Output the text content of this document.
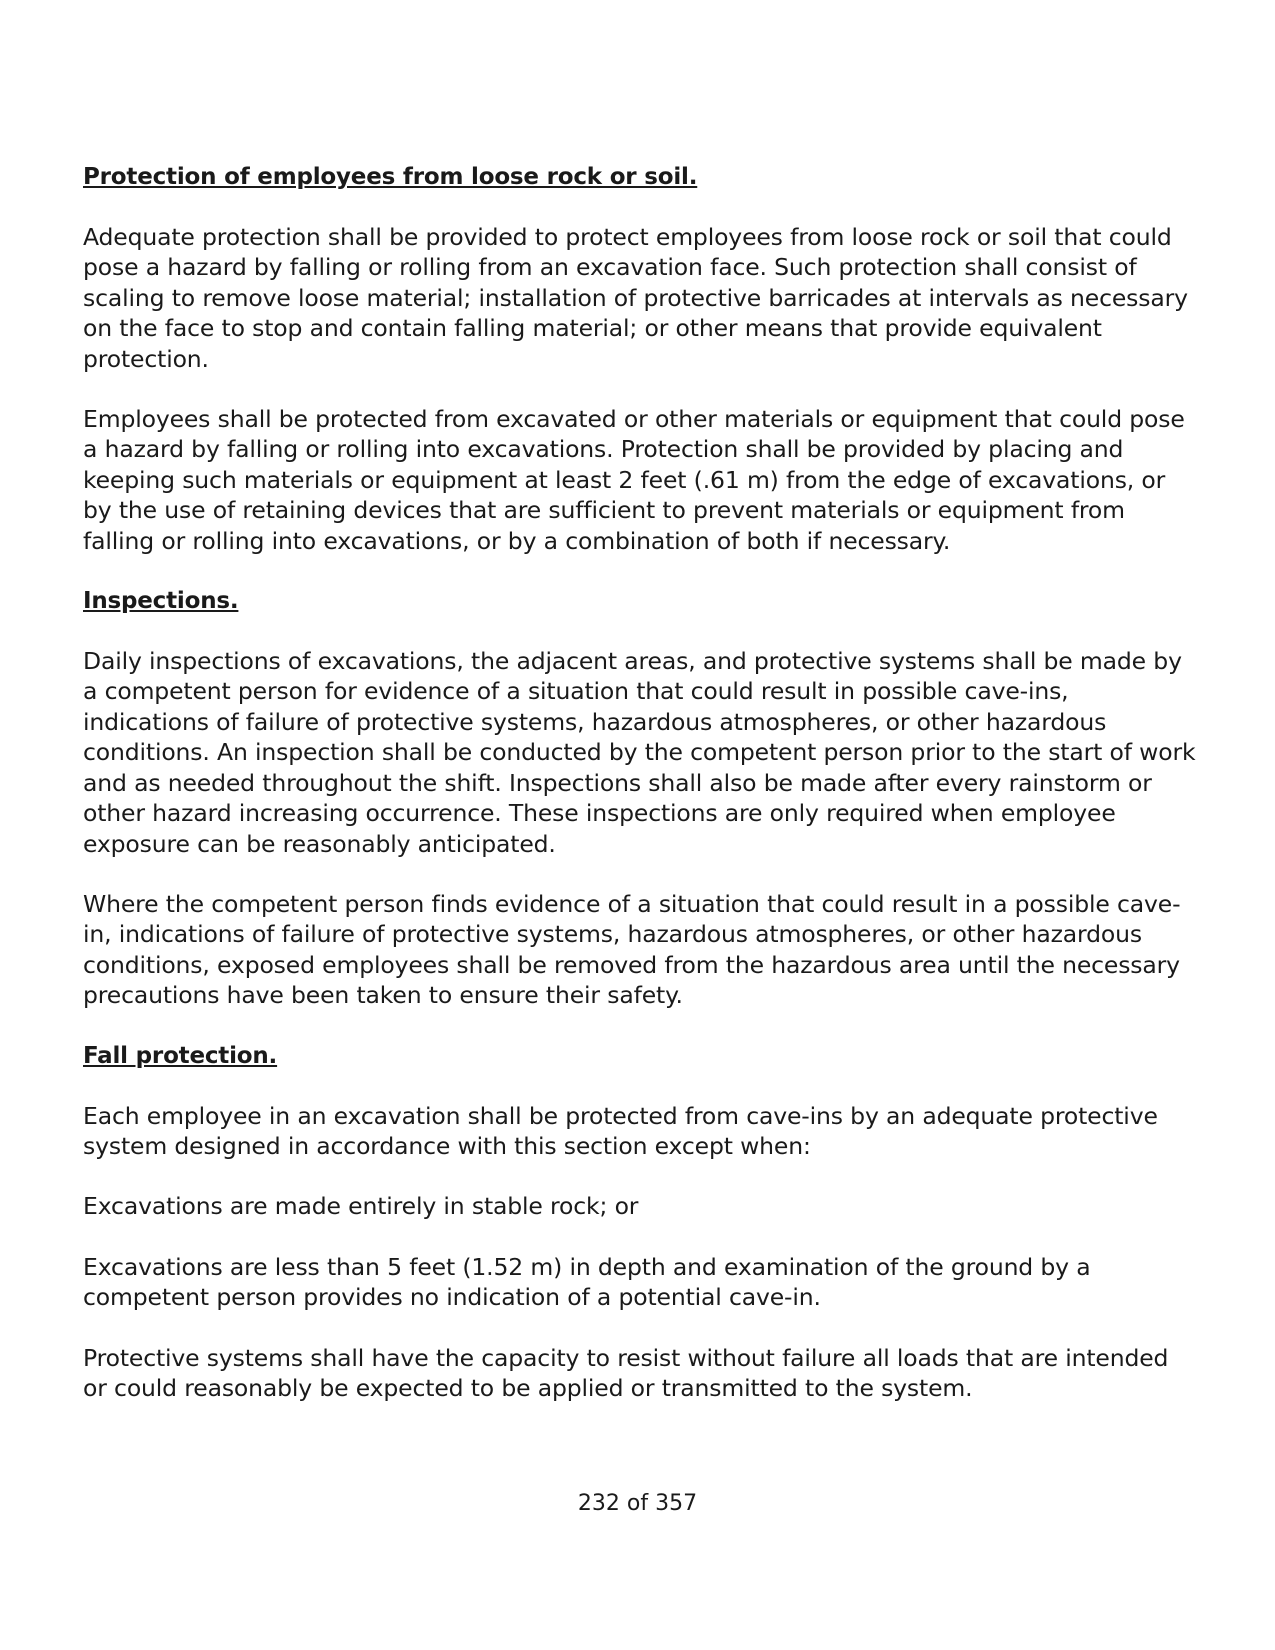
Protection of employees from loose rock or soil.

Adequate protection shall be provided to protect employees from loose rock or soil that could pose a hazard by falling or rolling from an excavation face. Such protection shall consist of scaling to remove loose material; installation of protective barricades at intervals as necessary on the face to stop and contain falling material; or other means that provide equivalent protection.

Employees shall be protected from excavated or other materials or equipment that could pose a hazard by falling or rolling into excavations. Protection shall be provided by placing and keeping such materials or equipment at least 2 feet (.61 m) from the edge of excavations, or by the use of retaining devices that are sufficient to prevent materials or equipment from falling or rolling into excavations, or by a combination of both if necessary.

Inspections.

Daily inspections of excavations, the adjacent areas, and protective systems shall be made by a competent person for evidence of a situation that could result in possible cave-ins, indications of failure of protective systems, hazardous atmospheres, or other hazardous conditions. An inspection shall be conducted by the competent person prior to the start of work and as needed throughout the shift. Inspections shall also be made after every rainstorm or other hazard increasing occurrence. These inspections are only required when employee exposure can be reasonably anticipated.

Where the competent person finds evidence of a situation that could result in a possible cave-in, indications of failure of protective systems, hazardous atmospheres, or other hazardous conditions, exposed employees shall be removed from the hazardous area until the necessary precautions have been taken to ensure their safety.

Fall protection.

Each employee in an excavation shall be protected from cave-ins by an adequate protective system designed in accordance with this section except when:

Excavations are made entirely in stable rock; or

Excavations are less than 5 feet (1.52 m) in depth and examination of the ground by a competent person provides no indication of a potential cave-in.

Protective systems shall have the capacity to resist without failure all loads that are intended or could reasonably be expected to be applied or transmitted to the system.

232 of 357
